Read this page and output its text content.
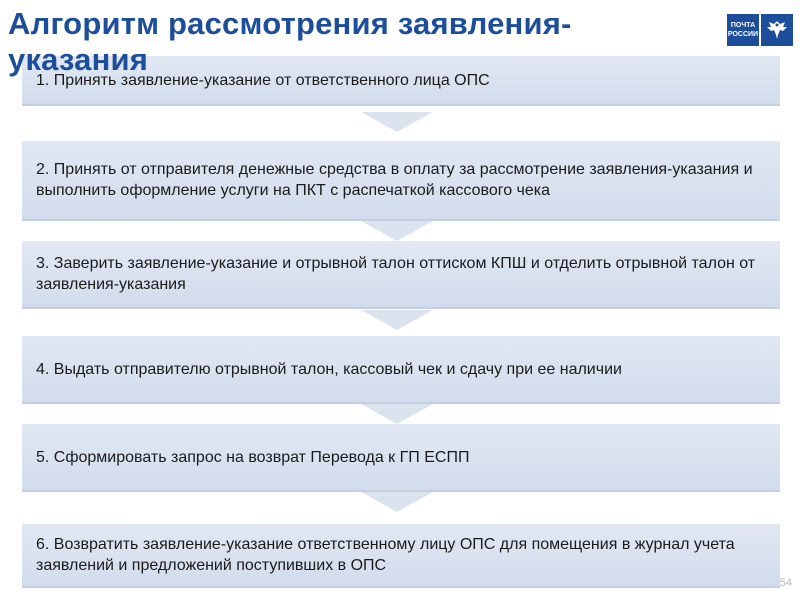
1. Принять заявление-указание от ответственного лица ОПС
2. Принять от отправителя денежные средства в оплату за рассмотрение заявления-указания и выполнить оформление услуги на ПКТ с распечаткой кассового чека
3. Заверить заявление-указание и отрывной талон оттиском КПШ и отделить отрывной талон от заявления-указания
4. Выдать отправителю отрывной талон, кассовый чек и сдачу при ее наличии
5. Сформировать запрос на возврат Перевода к ГП ЕСПП
6. Возвратить заявление-указание ответственному лицу ОПС для помещения в журнал учета заявлений и предложений поступивших в ОПС
Алгоритм рассмотрения заявления-указания
ПОЧТА
РОССИИ
54
